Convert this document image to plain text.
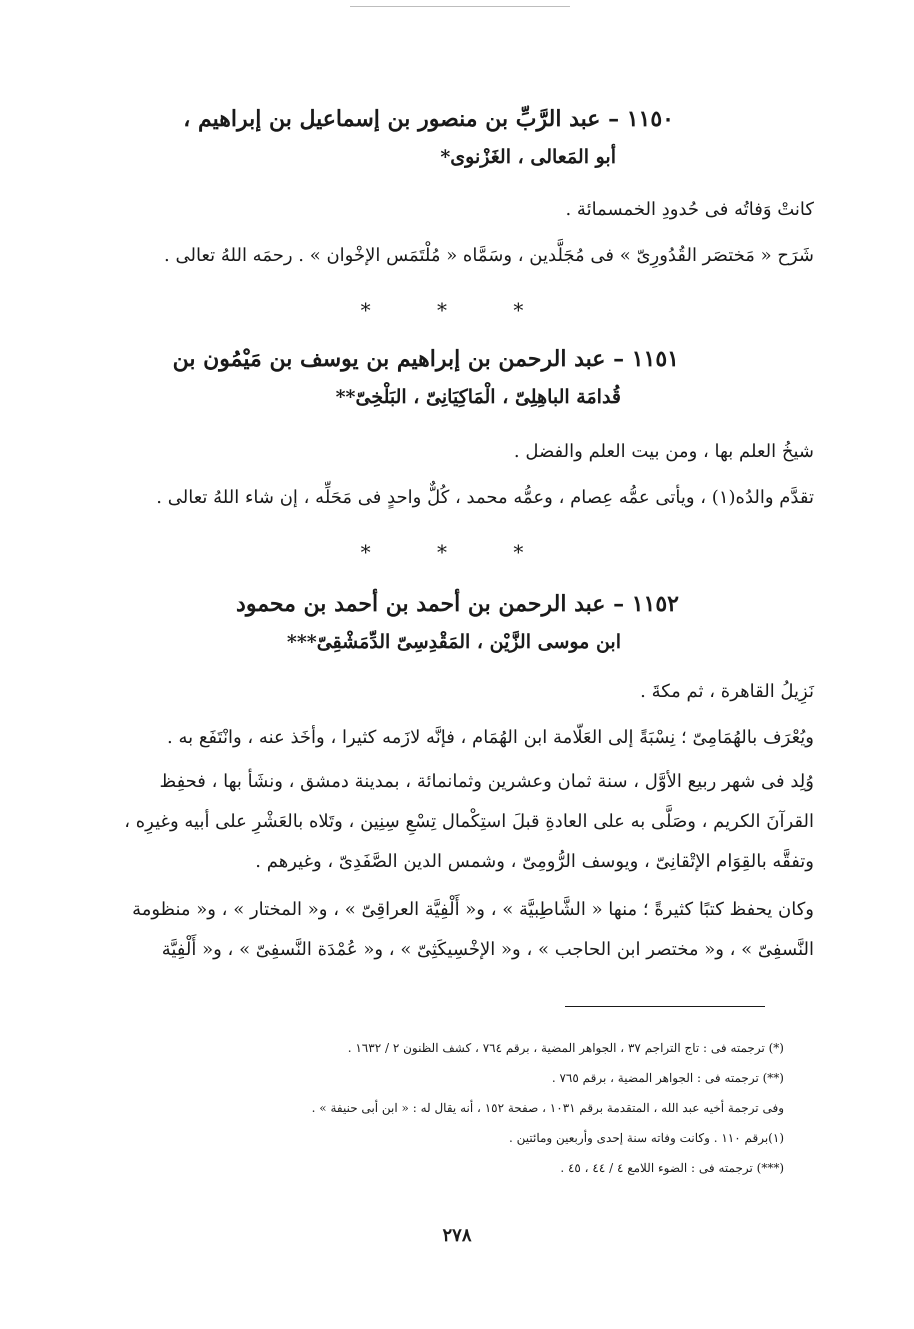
١١٥٠ – عبد الرَّبِّ بن منصور بن إسماعيل بن إبراهيم ،
أبو المَعالى ، الغَزْنوى*
كانتْ وَفاتُه فى حُدودِ الخمسمائة .
شَرَح « مَختصَر القُدُورِىّ » فى مُجَلَّدين ، وسَمَّاه « مُلْتَمَس الإخْوان » . رحمَه اللهُ تعالى .
* * *
١١٥١ – عبد الرحمن بن إبراهيم بن يوسف بن مَيْمُون بن
قُدامَة الباهِلِىّ ، الْمَاكِيَانِىّ ، البَلْخِىّ**
شيخُ العلم بها ، ومن بيت العلم والفضل .
تقدَّم والدُه(١) ، ويأتى عمُّه عِصام ، وعمُّه محمد ، كُلٌّ واحدٍ فى مَحَلِّه ، إن شاء اللهُ تعالى .
* * *
١١٥٢ – عبد الرحمن بن أحمد بن أحمد بن محمود
ابن موسى الزَّيْن ، المَقْدِسِىّ الدِّمَشْقِىّ***
نَزِيلُ القاهرة ، ثم مكةَ .
ويُعْرَف بالهُمَامِىّ ؛ نِسْبَةً إلى العَلّامة ابن الهُمَام ، فإنَّه لازَمه كثيرا ، وأخَذ عنه ، وانْتَفَع به .
وُلِد فى شهر ربيع الأوَّل ، سنة ثمان وعشرين وثمانمائة ، بمدينة دمشق ، ونشَأ بها ، فحفِظ القرآنَ الكريم ، وصَلَّى به على العادةِ قبلَ استِكْمال تِسْعِ سِنِين ، وتَلاه بالعَشْرِ على أبيه وغيرِه ، وتفقَّه بالقِوَام الإتْقانِىّ ، ويوسف الرُّومِىّ ، وشمس الدين الصَّفَدِىّ ، وغيرهم .
وكان يحفظ كتبًا كثيرةً ؛ منها « الشَّاطِبيَّة » ، و« أَلْفِيَّة العراقِىّ » ، و« المختار » ، و« منظومة النَّسفِىّ » ، و« مختصر ابن الحاجب » ، و« الإخْسِيكَثِىّ » ، و« عُمْدَة النَّسفِىّ » ، و« أَلْفِيَّة
(*) ترجمته فى : تاج التراجم ٣٧ ، الجواهر المضية ، برقم ٧٦٤ ، كشف الظنون ٢ / ١٦٣٢ .
(**) ترجمته فى : الجواهر المضية ، برقم ٧٦٥ .
وفى ترجمة أخيه عبد الله ، المتقدمة برقم ١٠٣١ ، صفحة ١٥٢ ، أنه يقال له : « ابن أبى حنيفة » .
(١)برقم ١١٠ . وكانت وفاته سنة إحدى وأربعين ومائتين .
(***) ترجمته فى : الضوء اللامع ٤ / ٤٤ ، ٤٥ .
٢٧٨
